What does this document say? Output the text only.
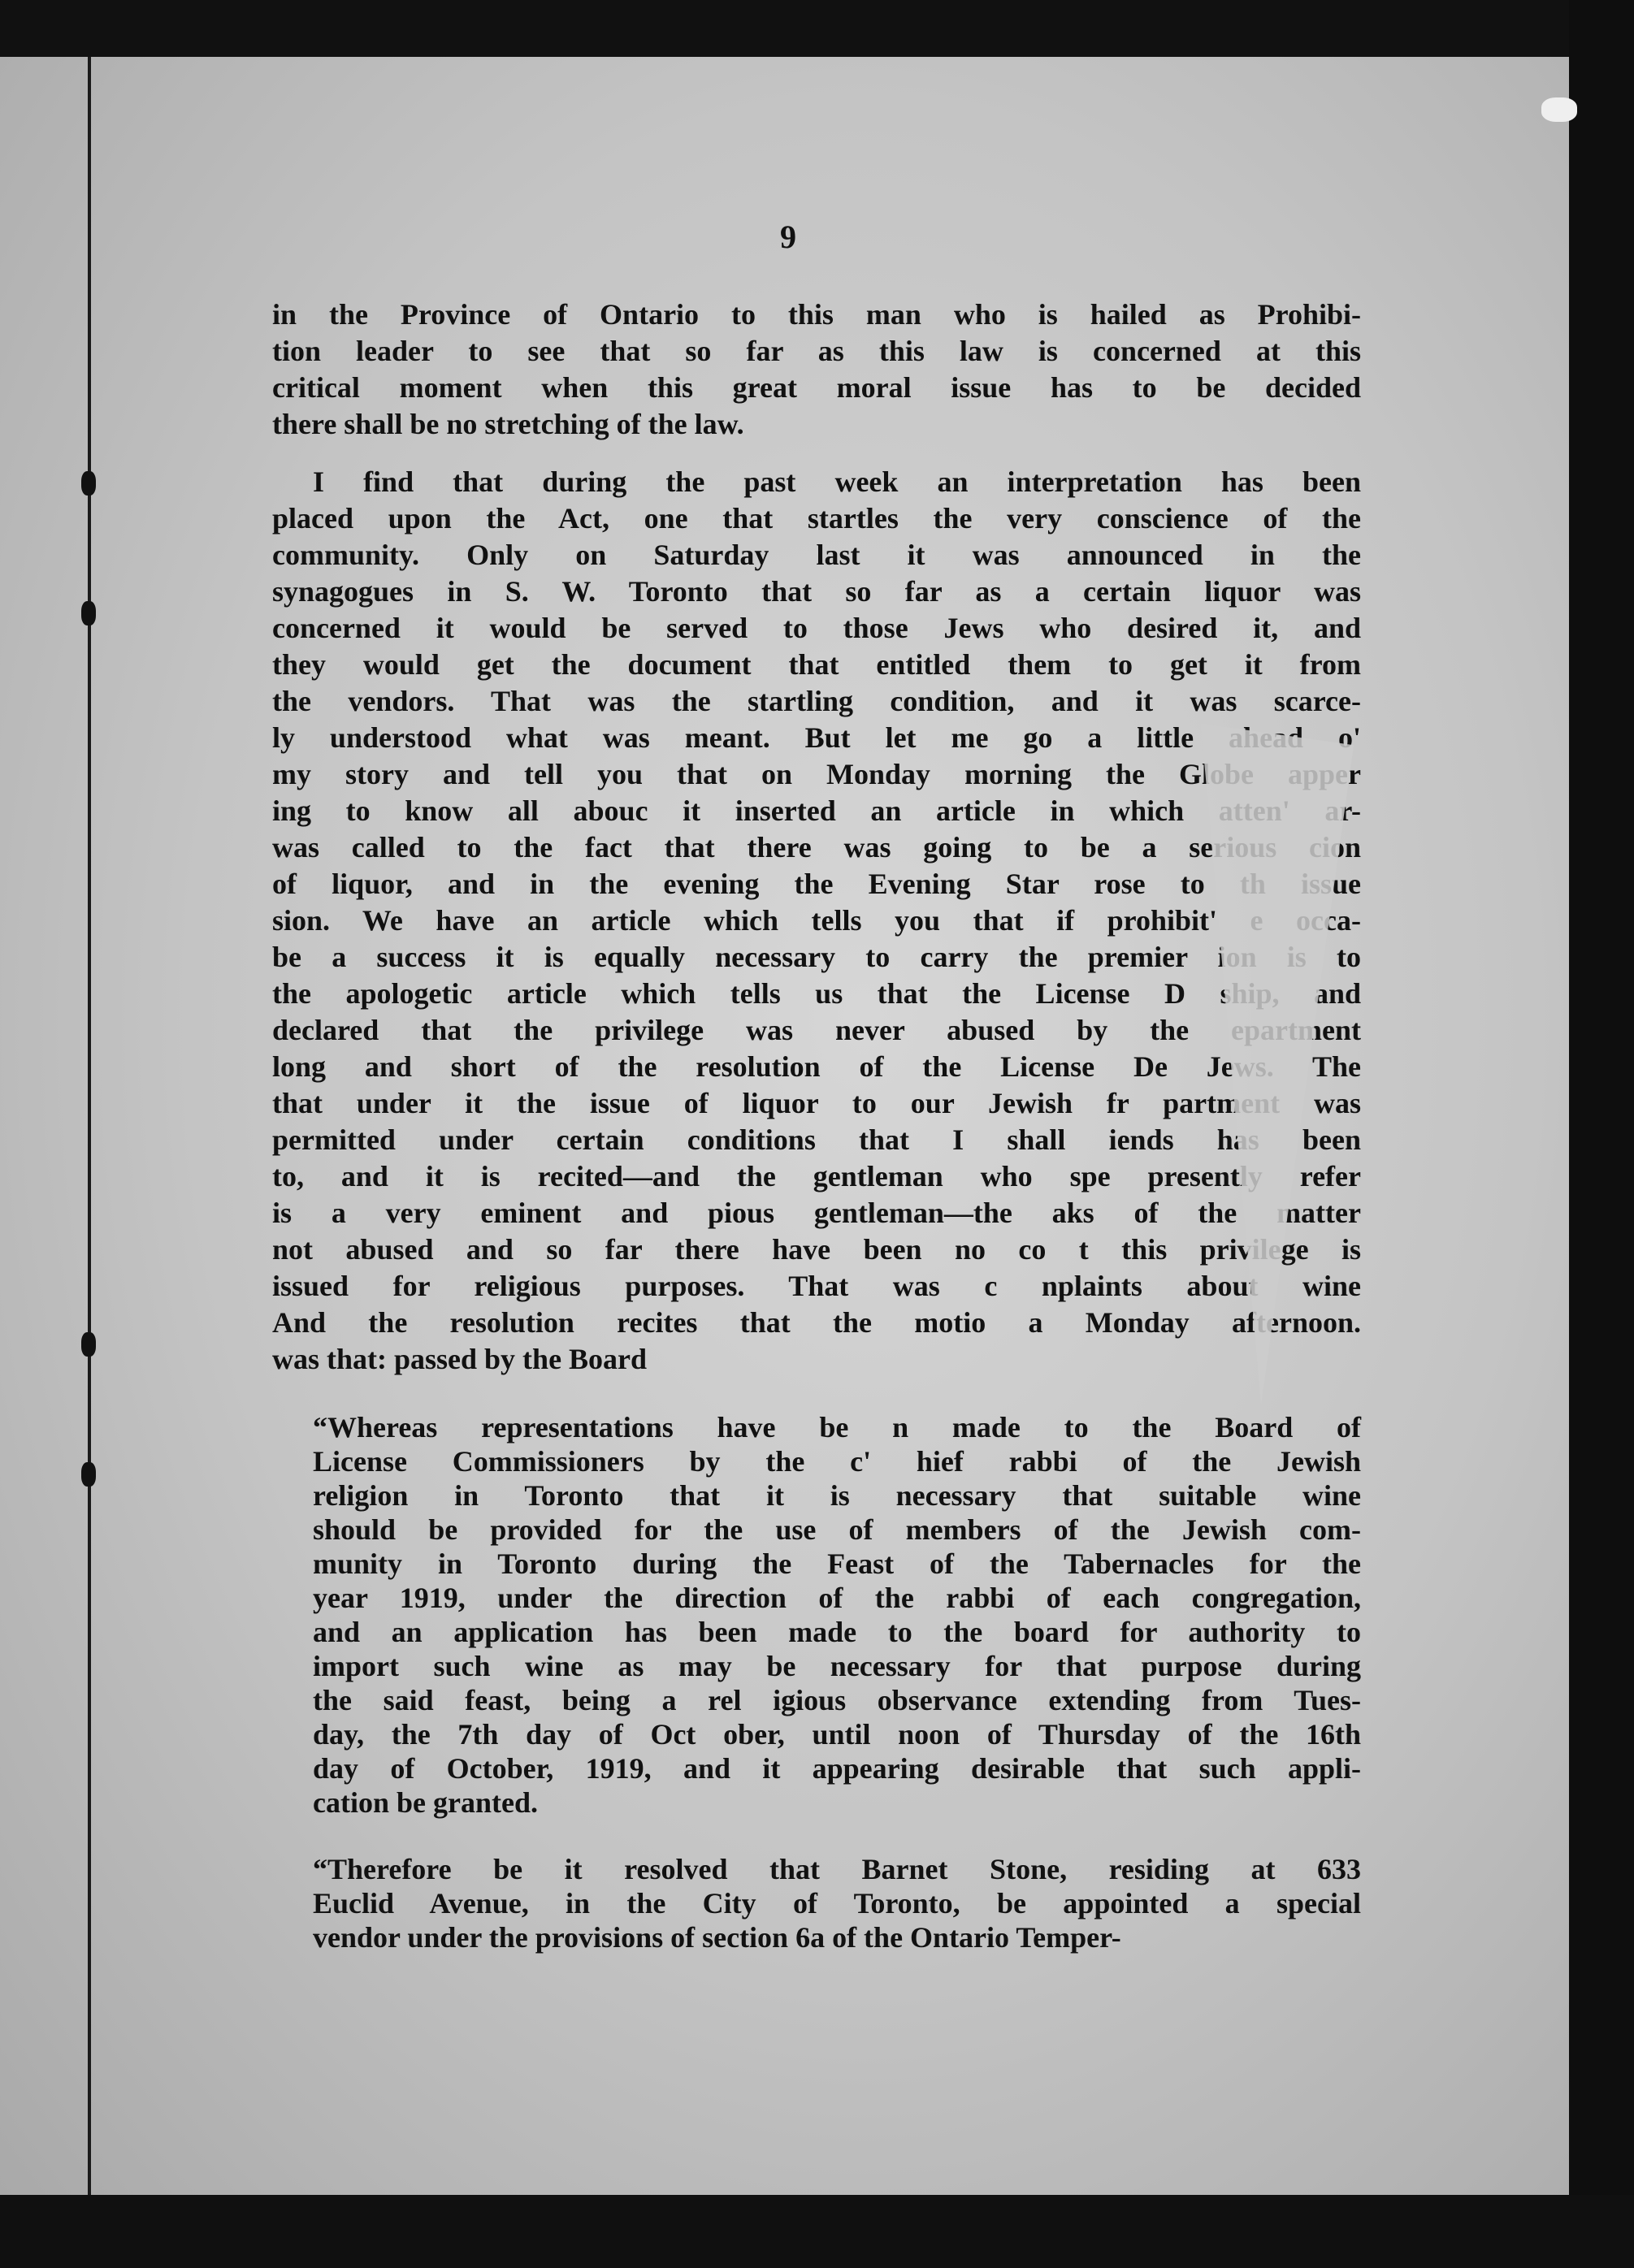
9
in the Province of Ontario to this man who is hailed as Prohibi-
tion leader to see that so far as this law is concerned at this
critical moment when this great moral issue has to be decided
there shall be no stretching of the law.
I find that during the past week an interpretation has been
placed upon the Act, one that startles the very conscience of the
community. Only on Saturday last it was announced in the
synagogues in S. W. Toronto that so far as a certain liquor was
concerned it would be served to those Jews who desired it, and
they would get the document that entitled them to get it from
the vendors. That was the startling condition, and it was scarce-
ly understood what was meant. But let me go a little ahead o'
my story and tell you that on Monday morning the Globe apper
ing to know all abouc it inserted an article in which atten' ar-
was called to the fact that there was going to be a serious cion
of liquor, and in the evening the Evening Star rose to th issue
sion. We have an article which tells you that if prohibit' e occa-
be a success it is equally necessary to carry the premier ion is to
the apologetic article which tells us that the License D ship, and
declared that the privilege was never abused by the epartment
long and short of the resolution of the License De Jews. The
that under it the issue of liquor to our Jewish fr partment was
permitted under certain conditions that I shall iends has been
to, and it is recited—and the gentleman who spe presently refer
is a very eminent and pious gentleman—the aks of the matter
not abused and so far there have been no co t this privilege is
issued for religious purposes. That was c nplaints about wine
And the resolution recites that the motio a Monday afternoon.
was that: passed by the Board
“Whereas representations have be n made to the Board of
License Commissioners by the c' hief rabbi of the Jewish
religion in Toronto that it is necessary that suitable wine
should be provided for the use of members of the Jewish com-
munity in Toronto during the Feast of the Tabernacles for the
year 1919, under the direction of the rabbi of each congregation,
and an application has been made to the board for authority to
import such wine as may be necessary for that purpose during
the said feast, being a rel igious observance extending from Tues-
day, the 7th day of Oct ober, until noon of Thursday of the 16th
day of October, 1919, and it appearing desirable that such appli-
cation be granted.
“Therefore be it resolved that Barnet Stone, residing at 633
Euclid Avenue, in the City of Toronto, be appointed a special
vendor under the provisions of section 6a of the Ontario Temper-
